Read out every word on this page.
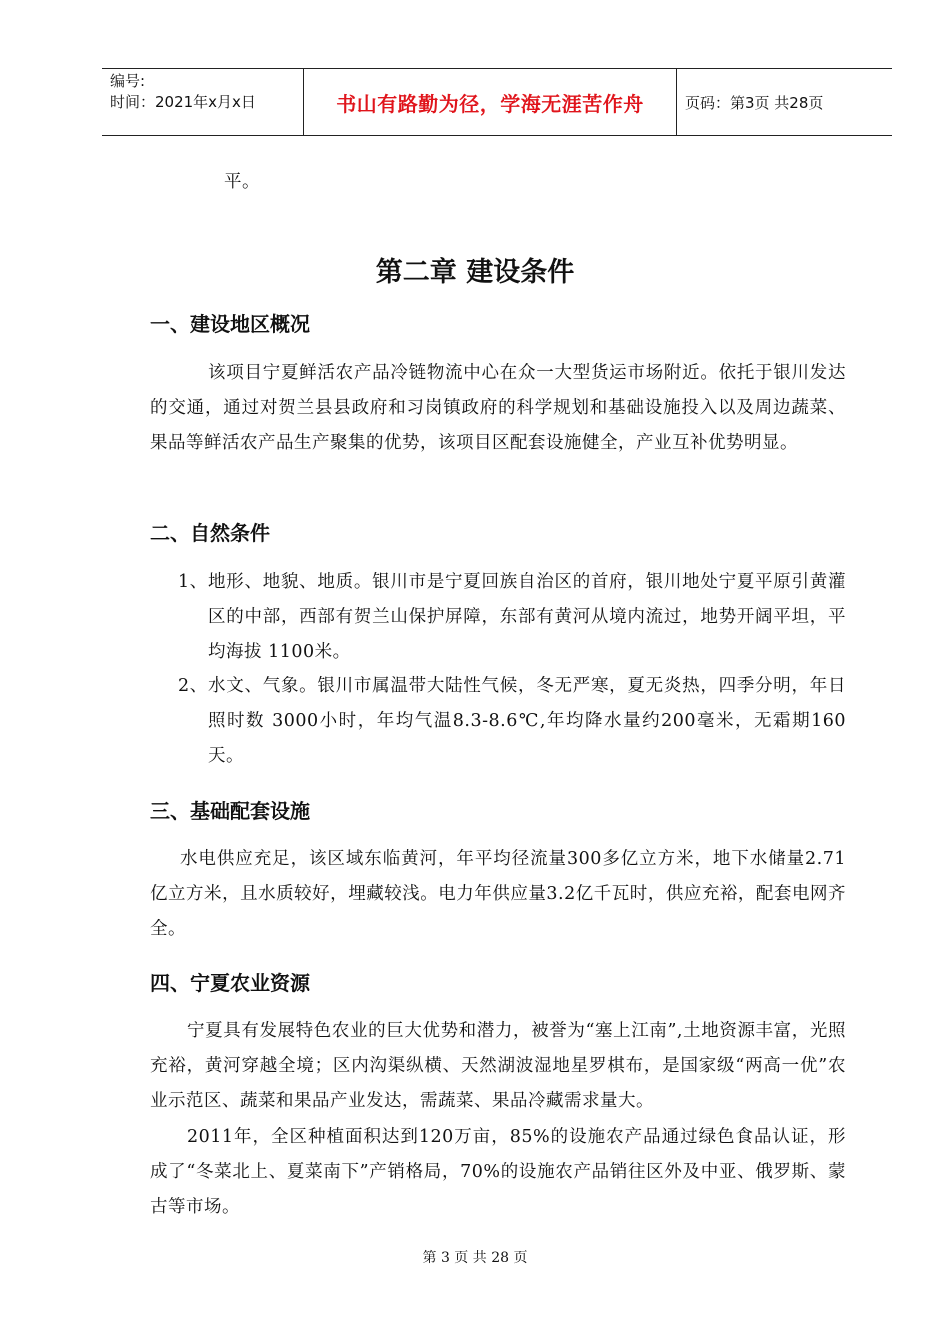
编号:
时间：2021年x月x日	书山有路勤为径，学海无涯苦作舟	页码：第3页 共28页
平。
第二章 建设条件
一、建设地区概况
该项目宁夏鲜活农产品冷链物流中心在众一大型货运市场附近。依托于银川发达的交通，通过对贺兰县县政府和习岗镇政府的科学规划和基础设施投入以及周边蔬菜、果品等鲜活农产品生产聚集的优势，该项目区配套设施健全，产业互补优势明显。
二、自然条件
1、 地形、地貌、地质。银川市是宁夏回族自治区的首府，银川地处宁夏平原引黄灌区的中部，西部有贺兰山保护屏障，东部有黄河从境内流过，地势开阔平坦，平均海拔 1100米。
2、 水文、气象。银川市属温带大陆性气候，冬无严寒，夏无炎热，四季分明，年日照时数 3000小时，年均气温8.3-8.6℃,年均降水量约200毫米，无霜期160天。
三、基础配套设施
水电供应充足，该区域东临黄河，年平均径流量300多亿立方米，地下水储量2.71亿立方米，且水质较好，埋藏较浅。电力年供应量3.2亿千瓦时，供应充裕，配套电网齐全。
四、宁夏农业资源
宁夏具有发展特色农业的巨大优势和潜力，被誉为“塞上江南”,土地资源丰富，光照充裕，黄河穿越全境；区内沟渠纵横、天然湖波湿地星罗棋布，是国家级“两高一优”农业示范区、蔬菜和果品产业发达，需蔬菜、果品冷藏需求量大。
2011年，全区种植面积达到120万亩，85%的设施农产品通过绿色食品认证，形成了“冬菜北上、夏菜南下”产销格局，70%的设施农产品销往区外及中亚、俄罗斯、蒙古等市场。
第 3 页 共 28 页
